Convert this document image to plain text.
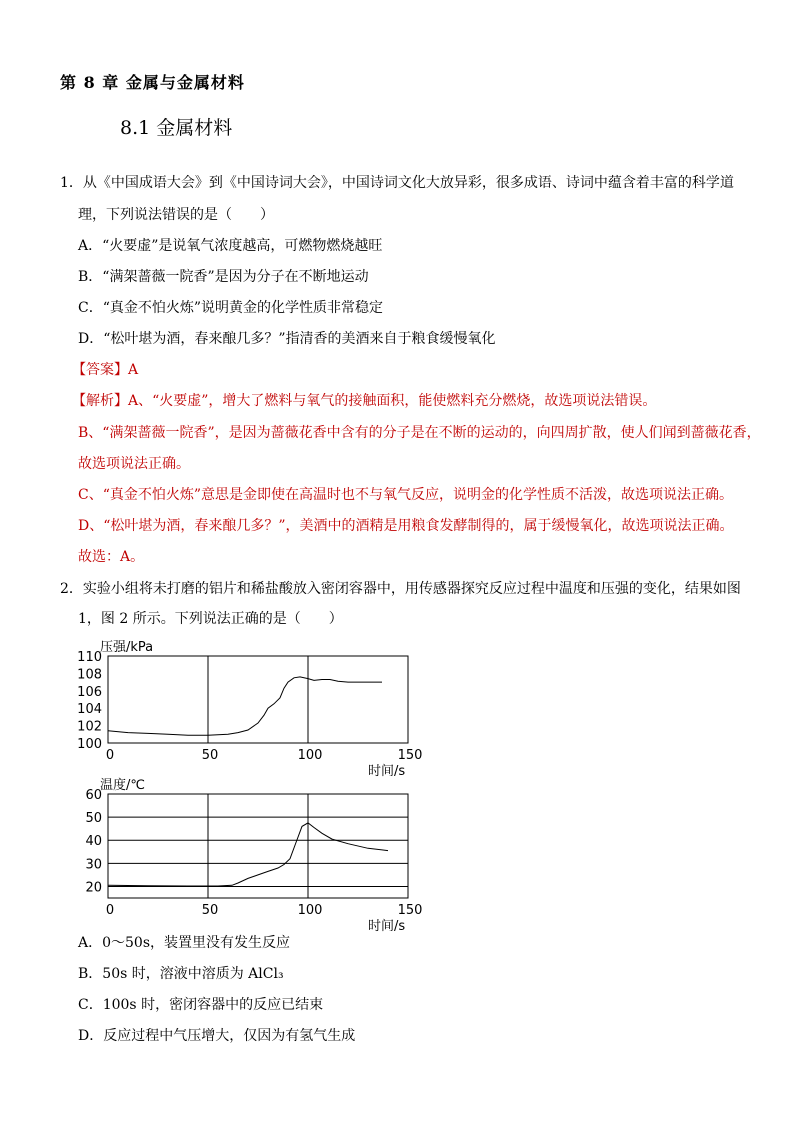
第 8 章 金属与金属材料
8.1 金属材料
1．从《中国成语大会》到《中国诗词大会》，中国诗词文化大放异彩，很多成语、诗词中蕴含着丰富的科学道
理，下列说法错误的是（　　）
A．“火要虚”是说氧气浓度越高，可燃物燃烧越旺
B．“满架蔷薇一院香”是因为分子在不断地运动
C．“真金不怕火炼”说明黄金的化学性质非常稳定
D．“松叶堪为酒，春来酿几多？”指清香的美酒来自于粮食缓慢氧化
【答案】A
【解析】A、“火要虚”，增大了燃料与氧气的接触面积，能使燃料充分燃烧，故选项说法错误。
B、“满架蔷薇一院香”，是因为蔷薇花香中含有的分子是在不断的运动的，向四周扩散，使人们闻到蔷薇花香，
故选项说法正确。
C、“真金不怕火炼”意思是金即使在高温时也不与氧气反应，说明金的化学性质不活泼，故选项说法正确。
D、“松叶堪为酒，春来酿几多？”，美酒中的酒精是用粮食发酵制得的，属于缓慢氧化，故选项说法正确。
故选：A。
2．实验小组将未打磨的铝片和稀盐酸放入密闭容器中，用传感器探究反应过程中温度和压强的变化，结果如图
1，图 2 所示。下列说法正确的是（　　）
100
102
104
106
108
110
0	50	100	150
压强/kPa
时间/s
20
30
40
50
60
0	50	100	150
温度/℃
时间/s
A．0～50s，装置里没有发生反应
B．50s 时，溶液中溶质为 AlCl₃
C．100s 时，密闭容器中的反应已结束
D．反应过程中气压增大，仅因为有氢气生成
